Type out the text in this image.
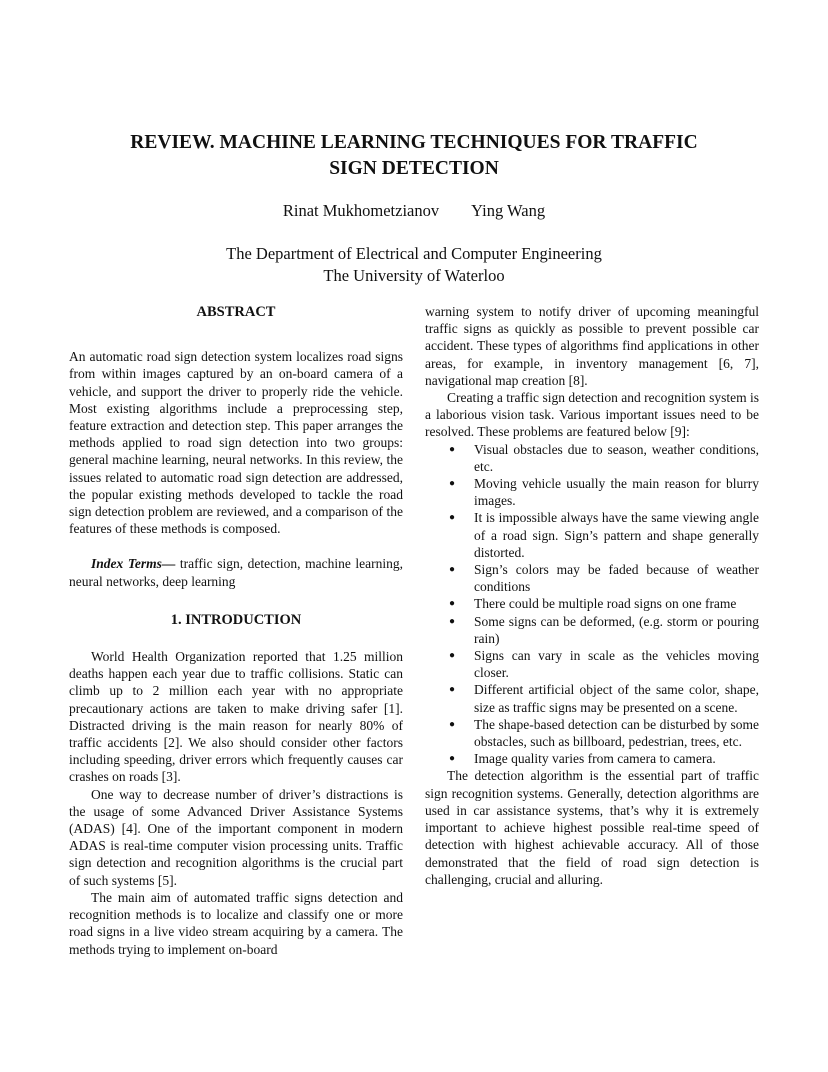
REVIEW. MACHINE LEARNING TECHNIQUES FOR TRAFFIC
SIGN DETECTION
Rinat Mukhometzianov Ying Wang
The Department of Electrical and Computer Engineering
The University of Waterloo

ABSTRACT

An automatic road sign detection system localizes road signs from within images captured by an on-board camera of a vehicle, and support the driver to properly ride the vehicle. Most existing algorithms include a preprocessing step, feature extraction and detection step. This paper arranges the methods applied to road sign detection into two groups: general machine learning, neural networks. In this review, the issues related to automatic road sign detection are addressed, the popular existing methods developed to tackle the road sign detection problem are reviewed, and a comparison of the features of these methods is composed.

Index Terms— traffic sign, detection, machine learning, neural networks, deep learning

1. INTRODUCTION

World Health Organization reported that 1.25 million deaths happen each year due to traffic collisions. Static can climb up to 2 million each year with no appropriate precautionary actions are taken to make driving safer [1]. Distracted driving is the main reason for nearly 80% of traffic accidents [2]. We also should consider other factors including speeding, driver errors which frequently causes car crashes on roads [3].

One way to decrease number of driver’s distractions is the usage of some Advanced Driver Assistance Systems (ADAS) [4]. One of the important component in modern ADAS is real-time computer vision processing units. Traffic sign detection and recognition algorithms is the crucial part of such systems [5].

The main aim of automated traffic signs detection and recognition methods is to localize and classify one or more road signs in a live video stream acquiring by a camera. The methods trying to implement on-board

warning system to notify driver of upcoming meaningful traffic signs as quickly as possible to prevent possible car accident. These types of algorithms find applications in other areas, for example, in inventory management [6, 7], navigational map creation [8].

Creating a traffic sign detection and recognition system is a laborious vision task. Various important issues need to be resolved. These problems are featured below [9]:

● Visual obstacles due to season, weather conditions, etc.
● Moving vehicle usually the main reason for blurry images.
● It is impossible always have the same viewing angle of a road sign. Sign’s pattern and shape generally distorted.
● Sign’s colors may be faded because of weather conditions
● There could be multiple road signs on one frame
● Some signs can be deformed, (e.g. storm or pouring rain)
● Signs can vary in scale as the vehicles moving closer.
● Different artificial object of the same color, shape, size as traffic signs may be presented on a scene.
● The shape-based detection can be disturbed by some obstacles, such as billboard, pedestrian, trees, etc.
● Image quality varies from camera to camera.

The detection algorithm is the essential part of traffic sign recognition systems. Generally, detection algorithms are used in car assistance systems, that’s why it is extremely important to achieve highest possible real-time speed of detection with highest achievable accuracy. All of those demonstrated that the field of road sign detection is challenging, crucial and alluring.
